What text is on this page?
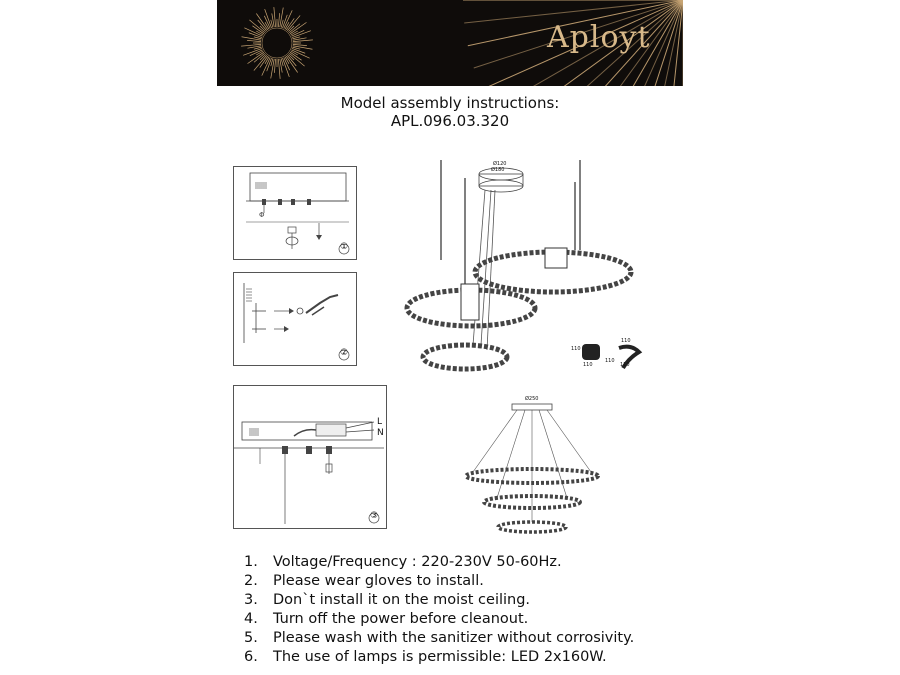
Aployt
Model assembly instructions:
APL.096.03.320
Φ
①
②
L
N
③
Ø120
Ø180
110
110
110
110
110
Ø250
1. Voltage/Frequency : 220-230V 50-60Hz.
2. Please wear gloves to install.
3. Don`t install it on the moist ceiling.
4. Turn off the power before cleanout.
5. Please wash with the sanitizer without corrosivity.
6. The use of lamps is permissible: LED 2x160W.
